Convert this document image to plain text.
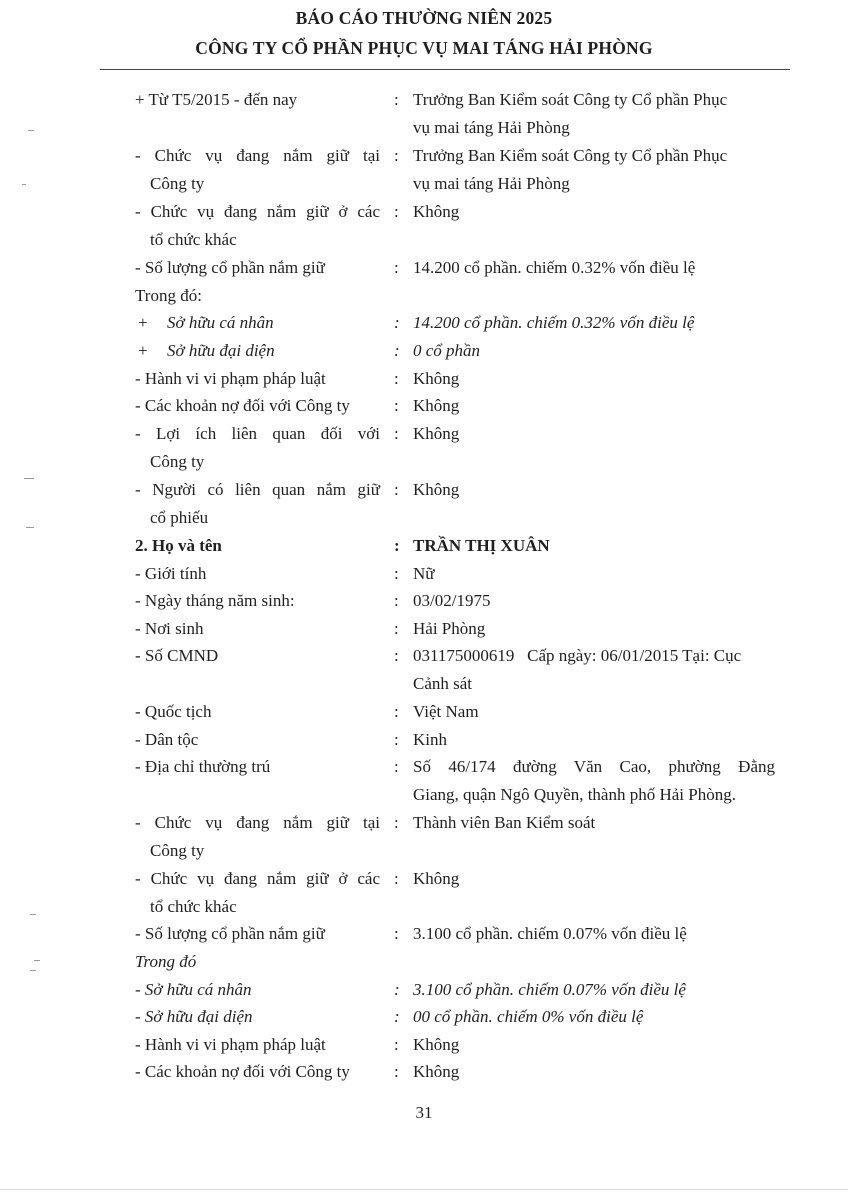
BÁO CÁO THƯỜNG NIÊN 2025
CÔNG TY CỔ PHẦN PHỤC VỤ MAI TÁNG HẢI PHÒNG
+ Từ T5/2015 - đến nay	: Trưởng Ban Kiểm soát Công ty Cổ phần Phục
vụ mai táng Hải Phòng
- Chức vụ đang nắm giữ tại : Trưởng Ban Kiểm soát Công ty Cổ phần Phục
Công ty	vụ mai táng Hải Phòng
- Chức vụ đang nắm giữ ở các : Không
tổ chức khác
- Số lượng cổ phần nắm giữ	: 14.200 cổ phần. chiếm 0.32% vốn điều lệ
Trong đó:
+ Sở hữu cá nhân	: 14.200 cổ phần. chiếm 0.32% vốn điều lệ
+ Sở hữu đại diện	: 0 cổ phần
- Hành vi vi phạm pháp luật	: Không
- Các khoản nợ đối với Công ty	: Không
- Lợi ích liên quan đối với : Không
Công ty
- Người có liên quan nắm giữ : Không
cổ phiếu
2. Họ và tên	: TRẦN THỊ XUÂN
- Giới tính	: Nữ
- Ngày tháng năm sinh:	: 03/02/1975
- Nơi sinh	: Hải Phòng
- Số CMND	: 031175000619   Cấp ngày: 06/01/2015 Tại: Cục
Cảnh sát
- Quốc tịch	: Việt Nam
- Dân tộc	: Kinh
- Địa chỉ thường trú	: Số 46/174 đường Văn Cao, phường Đằng
Giang, quận Ngô Quyền, thành phố Hải Phòng.
- Chức vụ đang nắm giữ tại : Thành viên Ban Kiểm soát
Công ty
- Chức vụ đang nắm giữ ở các : Không
tổ chức khác
- Số lượng cổ phần nắm giữ	: 3.100 cổ phần. chiếm 0.07% vốn điều lệ
Trong đó
- Sở hữu cá nhân	: 3.100 cổ phần. chiếm 0.07% vốn điều lệ
- Sở hữu đại diện	: 00 cổ phần. chiếm 0% vốn điều lệ
- Hành vi vi phạm pháp luật	: Không
- Các khoản nợ đối với Công ty	: Không
31
